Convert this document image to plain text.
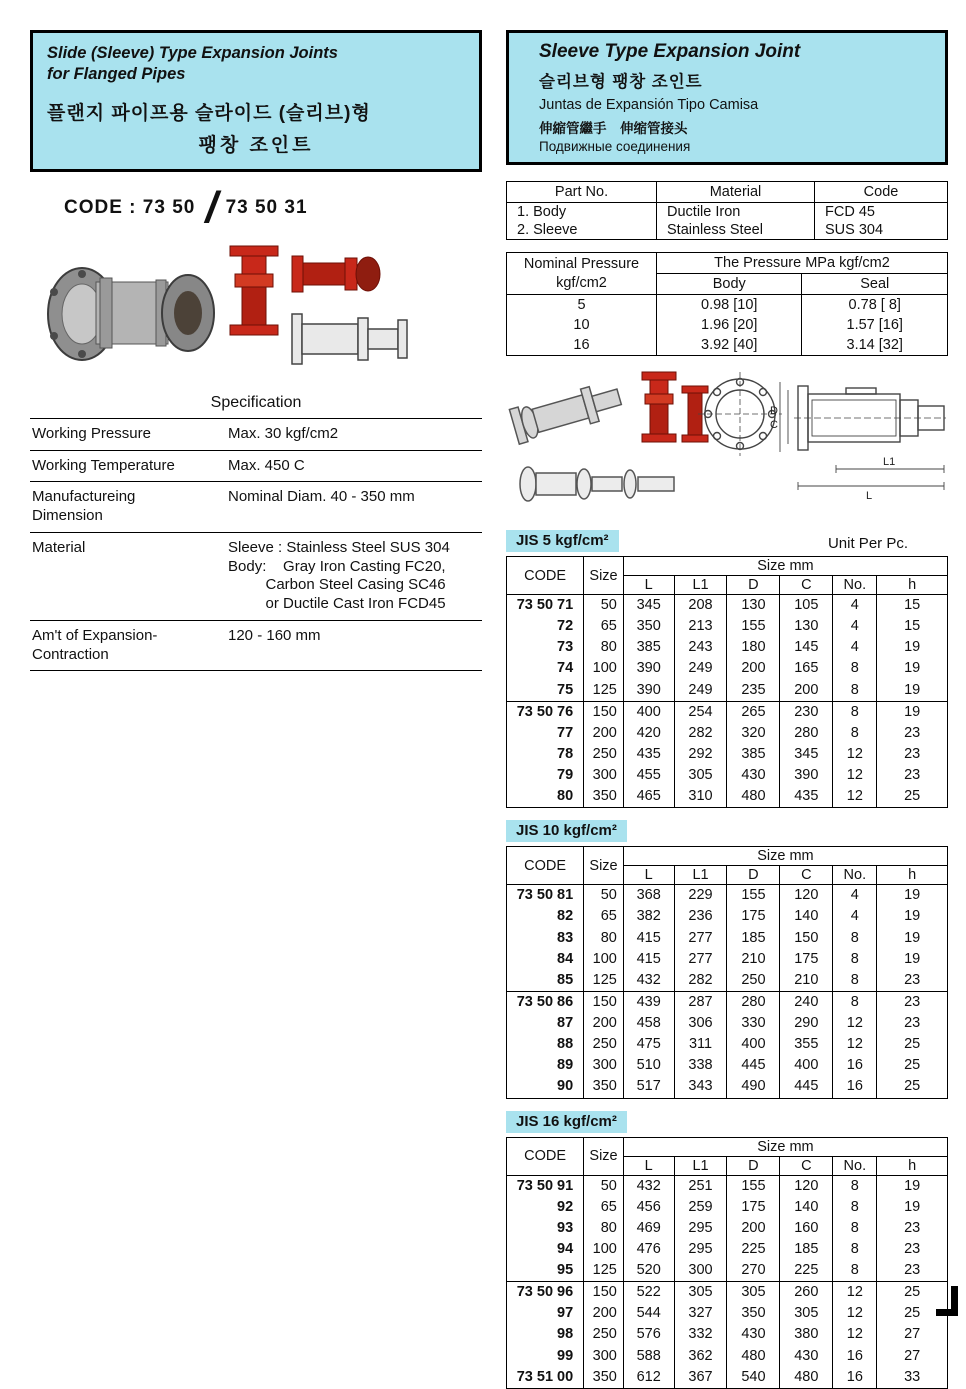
Slide (Sleeve) Type Expansion Joints
for Flanged Pipes
플랜지 파이프용 슬라이드 (슬리브)형
팽창 조인트
CODE : 73 50 / 73 50 31
Specification
Working Pressure	Max. 30 kgf/cm2

Working Temperature	Max. 450 C

Manufactureing
Dimension	Nominal Diam. 40 - 350 mm

Material	Sleeve : Stainless Steel SUS 304
Body:    Gray Iron Casting FC20,
Carbon Steel Casing SC46
or Ductile Cast Iron FCD45

Am't of Expansion-
Contraction	120 - 160 mm
Sleeve Type Expansion Joint
슬리브형 팽창 조인트
Juntas de Expansión Tipo Camisa
伸縮管繼手　伸缩管接头
Подвижные соединения
Part No.	Material	Code
1. Body	Ductile Iron	FCD 45
2. Sleeve	Stainless Steel	SUS 304
Nominal Pressure
kgf/cm2	The Pressure MPa kgf/cm2	
	Body	Seal
5	0.98 [10]	0.78 [ 8]
10	1.96 [20]	1.57 [16]
16	3.92 [40]	3.14 [32]
D
C
L1
L
JIS 5 kgf/cm²	Unit Per Pc.
CODE	Size	Size mm					
		L	L1	D	C	No.	h
73 50 71	50	345	208	130	105	4	15
72	65	350	213	155	130	4	15
73	80	385	243	180	145	4	19
74	100	390	249	200	165	8	19
75	125	390	249	235	200	8	19
73 50 76	150	400	254	265	230	8	19
77	200	420	282	320	280	8	23
78	250	435	292	385	345	12	23
79	300	455	305	430	390	12	23
80	350	465	310	480	435	12	25
JIS 10 kgf/cm²
CODE	Size	Size mm					
		L	L1	D	C	No.	h
73 50 81	50	368	229	155	120	4	19
82	65	382	236	175	140	4	19
83	80	415	277	185	150	8	19
84	100	415	277	210	175	8	19
85	125	432	282	250	210	8	23
73 50 86	150	439	287	280	240	8	23
87	200	458	306	330	290	12	23
88	250	475	311	400	355	12	25
89	300	510	338	445	400	16	25
90	350	517	343	490	445	16	25
JIS 16 kgf/cm²
CODE	Size	Size mm					
		L	L1	D	C	No.	h
73 50 91	50	432	251	155	120	8	19
92	65	456	259	175	140	8	19
93	80	469	295	200	160	8	23
94	100	476	295	225	185	8	23
95	125	520	300	270	225	8	23
73 50 96	150	522	305	305	260	12	25
97	200	544	327	350	305	12	25
98	250	576	332	430	380	12	27
99	300	588	362	480	430	16	27
73 51 00	350	612	367	540	480	16	33
